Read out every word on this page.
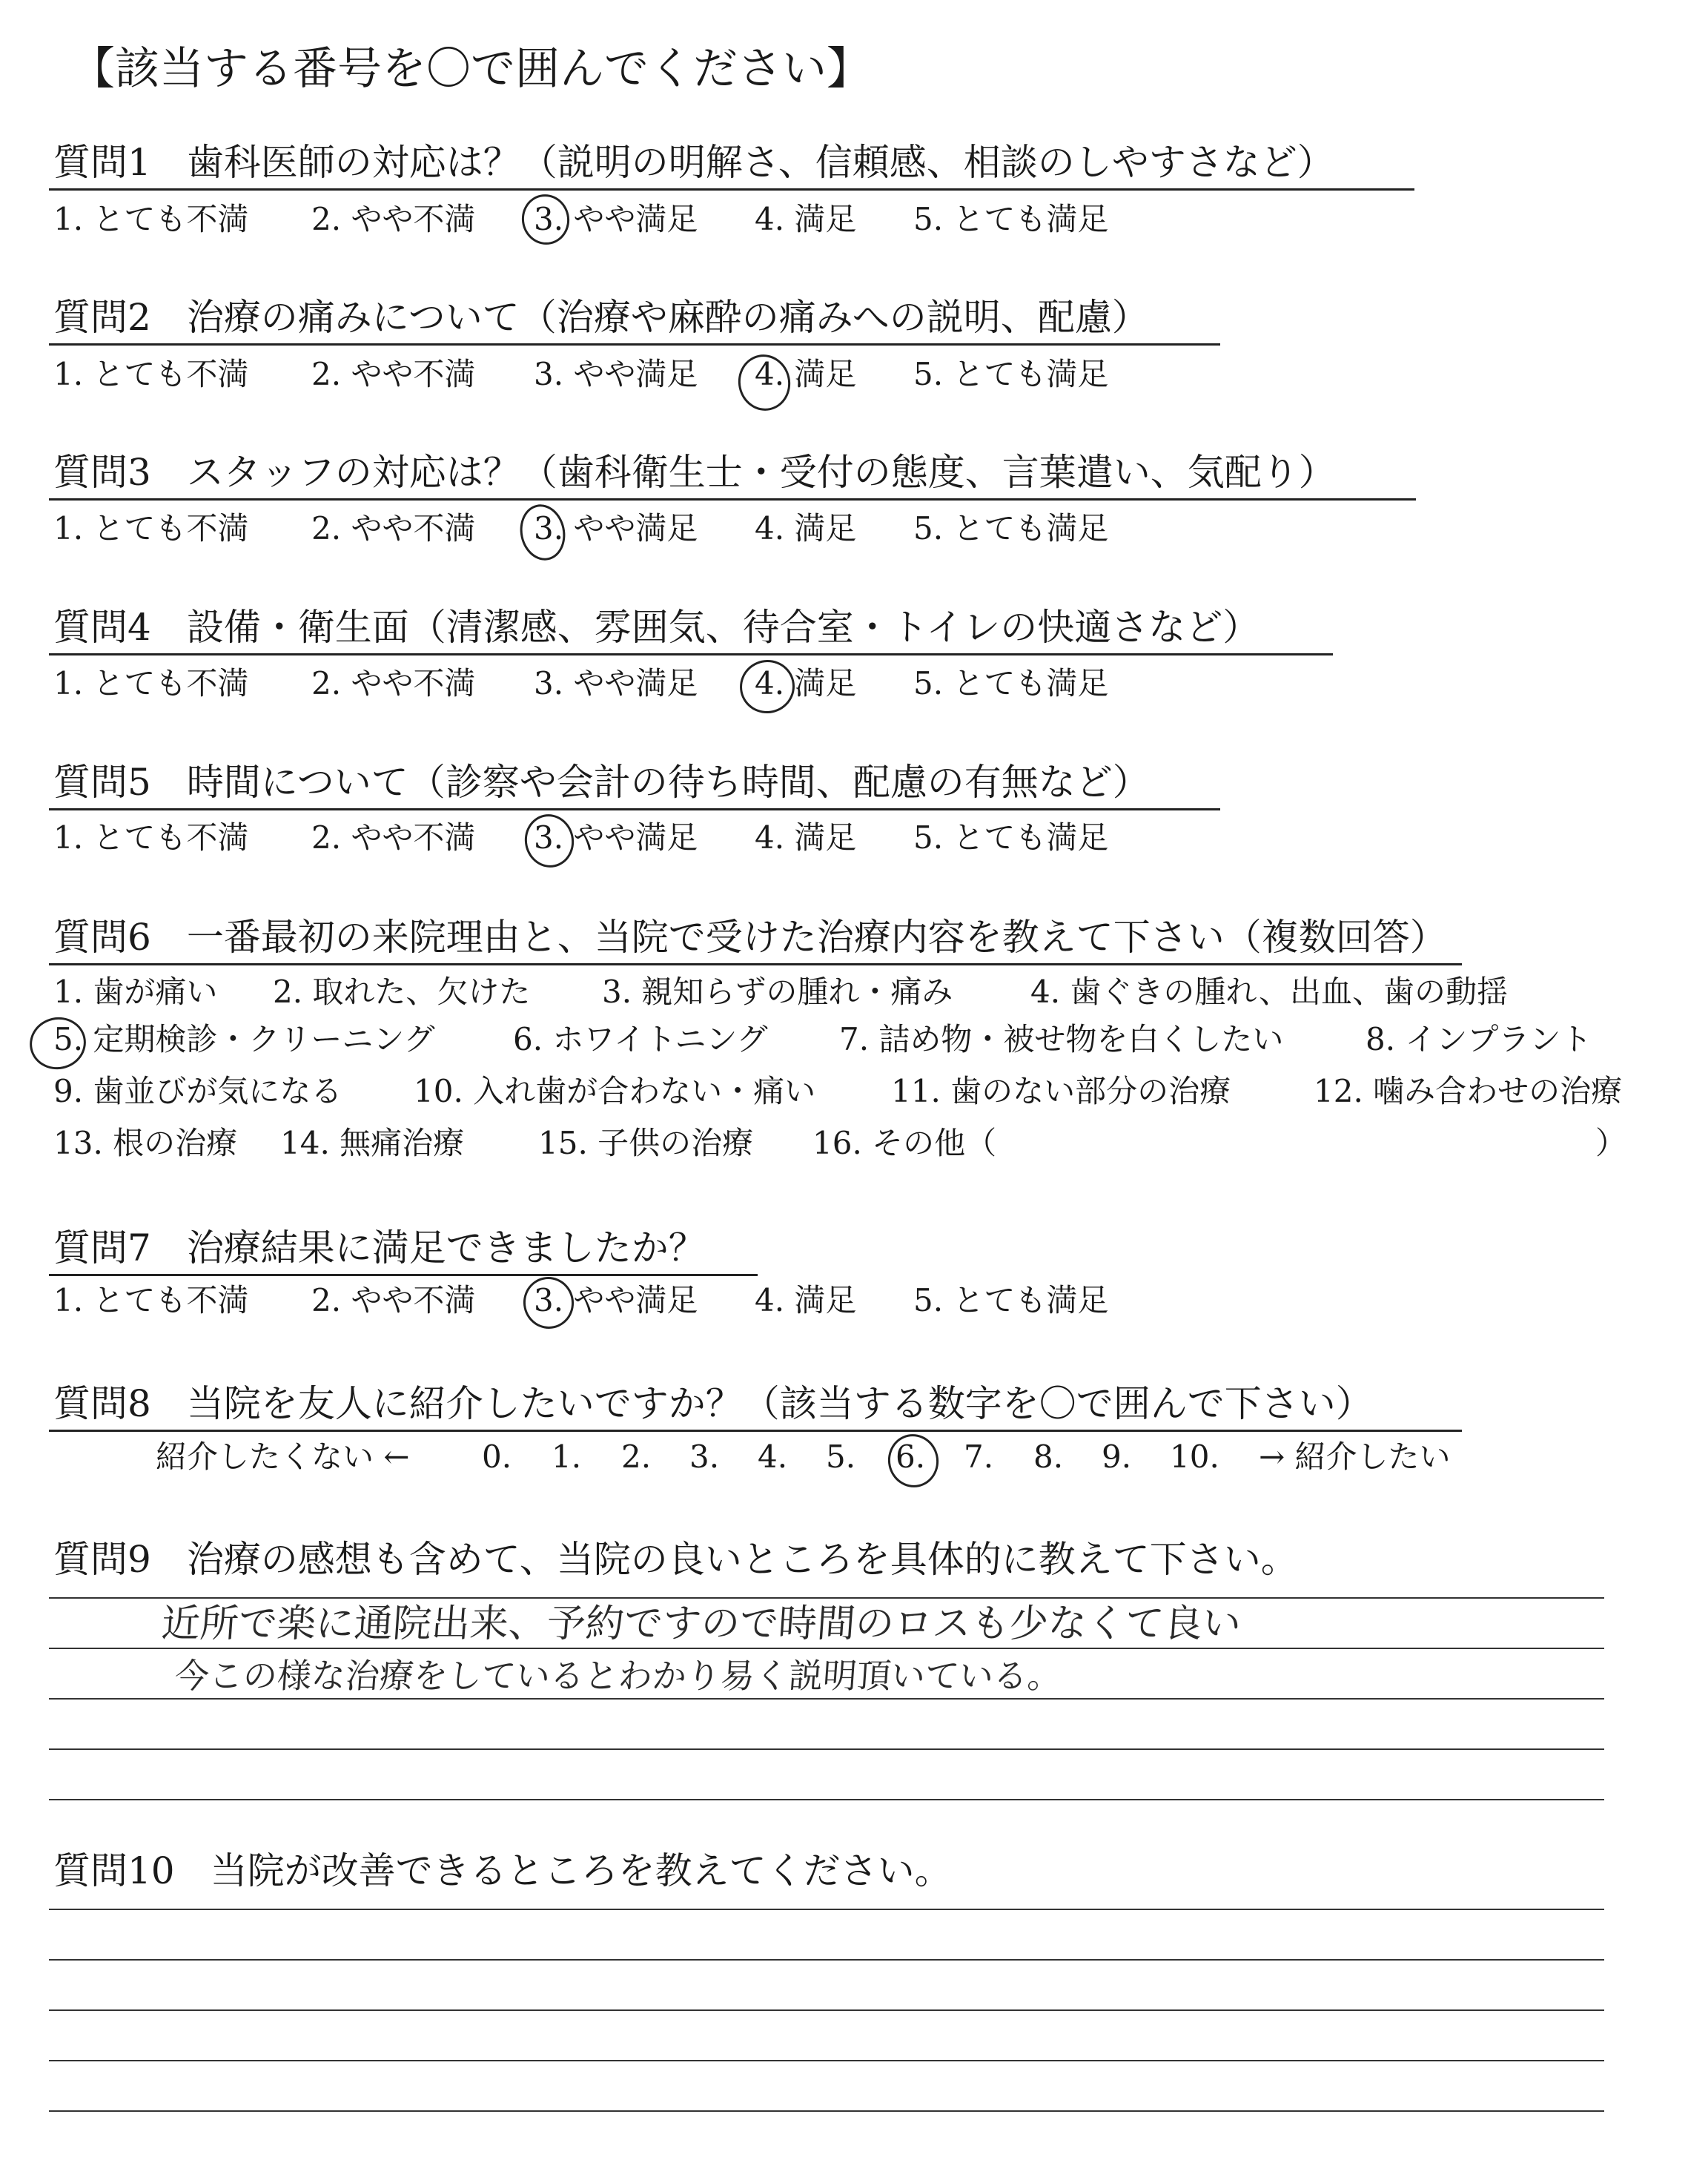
【該当する番号を〇で囲んでください】
質問1 歯科医師の対応は？（説明の明解さ、信頼感、相談のしやすさなど）
1. とても不満 2. やや不満 3. やや満足 4. 満足 5. とても満足
質問2 治療の痛みについて（治療や麻酔の痛みへの説明、配慮）
1. とても不満 2. やや不満 3. やや満足 4. 満足 5. とても満足
質問3 スタッフの対応は？（歯科衛生士・受付の態度、言葉遣い、気配り）
1. とても不満 2. やや不満 3. やや満足 4. 満足 5. とても満足
質問4 設備・衛生面（清潔感、雰囲気、待合室・トイレの快適さなど）
1. とても不満 2. やや不満 3. やや満足 4. 満足 5. とても満足
質問5 時間について（診察や会計の待ち時間、配慮の有無など）
1. とても不満 2. やや不満 3. やや満足 4. 満足 5. とても満足
質問6 一番最初の来院理由と、当院で受けた治療内容を教えて下さい（複数回答）
1. 歯が痛い 2. 取れた、欠けた 3. 親知らずの腫れ・痛み 4. 歯ぐきの腫れ、出血、歯の動揺
5. 定期検診・クリーニング	6. ホワイトニング 7. 詰め物・被せ物を白くしたい	8. インプラント
9. 歯並びが気になる 10. 入れ歯が合わない・痛い 11. 歯のない部分の治療	12. 噛み合わせの治療
13. 根の治療 14. 無痛治療 15. 子供の治療 16. その他（	）
質問7 治療結果に満足できましたか？
1. とても不満 2. やや不満 3. やや満足 4. 満足 5. とても満足
質問8 当院を友人に紹介したいですか？（該当する数字を〇で囲んで下さい）
紹介したくない ← 0. 1. 2. 3. 4. 5. 6. 7. 8. 9. 10. → 紹介したい
質問9 治療の感想も含めて、当院の良いところを具体的に教えて下さい。
近所で楽に通院出来、予約ですので時間のロスも少なくて良い
今この様な治療をしているとわかり易く説明頂いている。
質問10 当院が改善できるところを教えてください。
